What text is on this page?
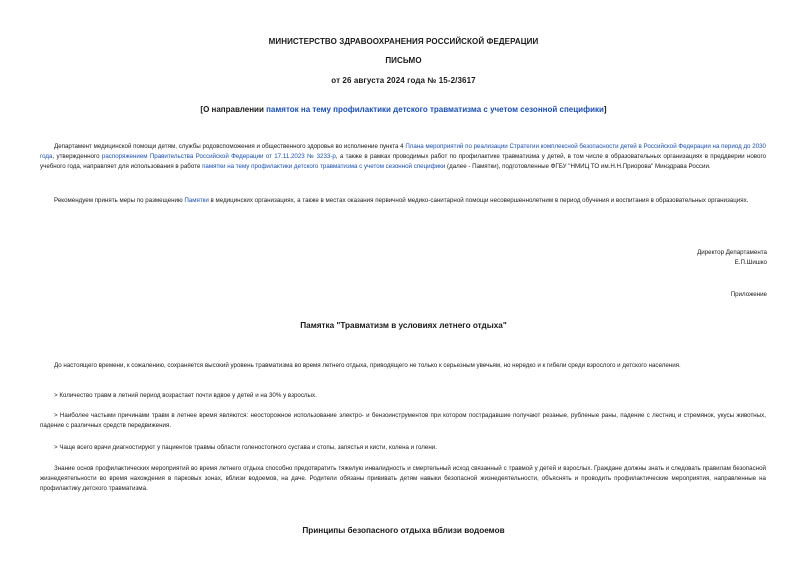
МИНИСТЕРСТВО ЗДРАВООХРАНЕНИЯ РОССИЙСКОЙ ФЕДЕРАЦИИ
ПИСЬМО
от 26 августа 2024 года № 15-2/3617
[О направлении памяток на тему профилактики детского травматизма с учетом сезонной специфики]
Департамент медицинской помощи детям, службы родовспоможения и общественного здоровья во исполнение пункта 4 Плана мероприятий по реализации Стратегии комплексной безопасности детей в Российской Федерации на период до 2030 года, утвержденного распоряжением Правительства Российской Федерации от 17.11.2023 № 3233-р, а также в рамках проводимых работ по профилактике травматизма у детей, в том числе в образовательных организациях в преддверии нового учебного года, направляет для использования в работе памятки на тему профилактики детского травматизма с учетом сезонной специфики (далее - Памятки), подготовленные ФГБУ "НМИЦ ТО им.Н.Н.Приорова" Минздрава России.
Рекомендуем принять меры по размещению Памятки в медицинских организациях, а также в местах оказания первичной медико-санитарной помощи несовершеннолетним в период обучения и воспитания в образовательных организациях.
Директор Департамента
Е.П.Шишко
Приложение
Памятка "Травматизм в условиях летнего отдыха"
До настоящего времени, к сожалению, сохраняется высокий уровень травматизма во время летнего отдыха, приводящего не только к серьезным увечьям, но нередко и к гибели среди взрослого и детского населения.
> Количество травм в летний период возрастает почти вдвое у детей и на 30% у взрослых.
> Наиболее частыми причинами травм в летнее время являются: неосторожное использование электро- и бензоинструментов при котором пострадавшие получают резаные, рубленые раны, падение с лестниц и стремянок, укусы животных, падение с различных средств передвижения.
> Чаще всего врачи диагностируют у пациентов травмы области голеностопного сустава и стопы, запястья и кисти, колена и голени.
Знание основ профилактических мероприятий во время летнего отдыха способно предотвратить тяжелую инвалидность и смертельный исход связанный с травмой у детей и взрослых. Граждане должны знать и следовать правилам безопасной жизнедеятельности во время нахождения в парковых зонах, вблизи водоемов, на даче. Родители обязаны прививать детям навыки безопасной жизнедеятельности, объяснять и проводить профилактические мероприятия, направленные на профилактику детского травматизма.
Принципы безопасного отдыха вблизи водоемов
